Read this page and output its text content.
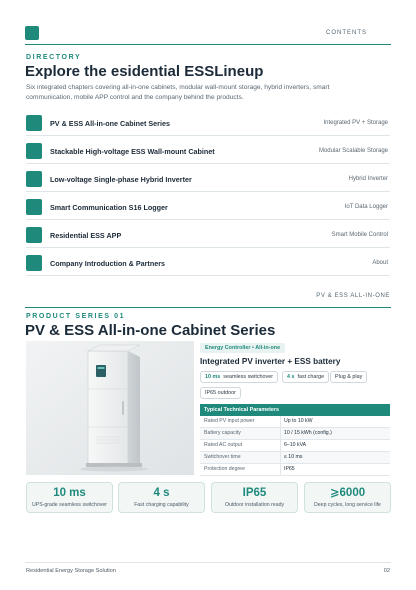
CONTENTS
DIRECTORY
Explore the esidential ESSLineup
Six integrated chapters covering all-in-one cabinets, modular wall-mount storage, hybrid inverters, smart communication, mobile APP control and the company behind the products.
PV & ESS All-in-one Cabinet Series	Integrated PV + Storage
Stackable High-voltage ESS Wall-mount Cabinet	Modular Scalable Storage
Low-voltage Single-phase Hybrid Inverter	Hybrid Inverter
Smart Communication S16 Logger	IoT Data Logger
Residential ESS APP	Smart Mobile Control
Company Introduction & Partners	About
PV & ESS ALL-IN-ONE
PRODUCT SERIES 01
PV & ESS All-in-one Cabinet Series
Energy Controller • All-in-one
Integrated PV inverter + ESS battery
10 ms seamless switchover	4 s fast charge	Plug & play
IP65 outdoor
Typical Technical Parameters
Rated PV input power	Up to 10 kW
Battery capacity	10 / 15 kWh (config.)
Rated AC output	6–10 kVA
Switchover time	≤ 10 ms
Protection degree	IP65
10 ms
UPS-grade seamless switchover
4 s
Fast charging capability
IP65
Outdoor installation ready
⩾6000
Deep cycles, long service life
Residential Energy Storage Solution	02
